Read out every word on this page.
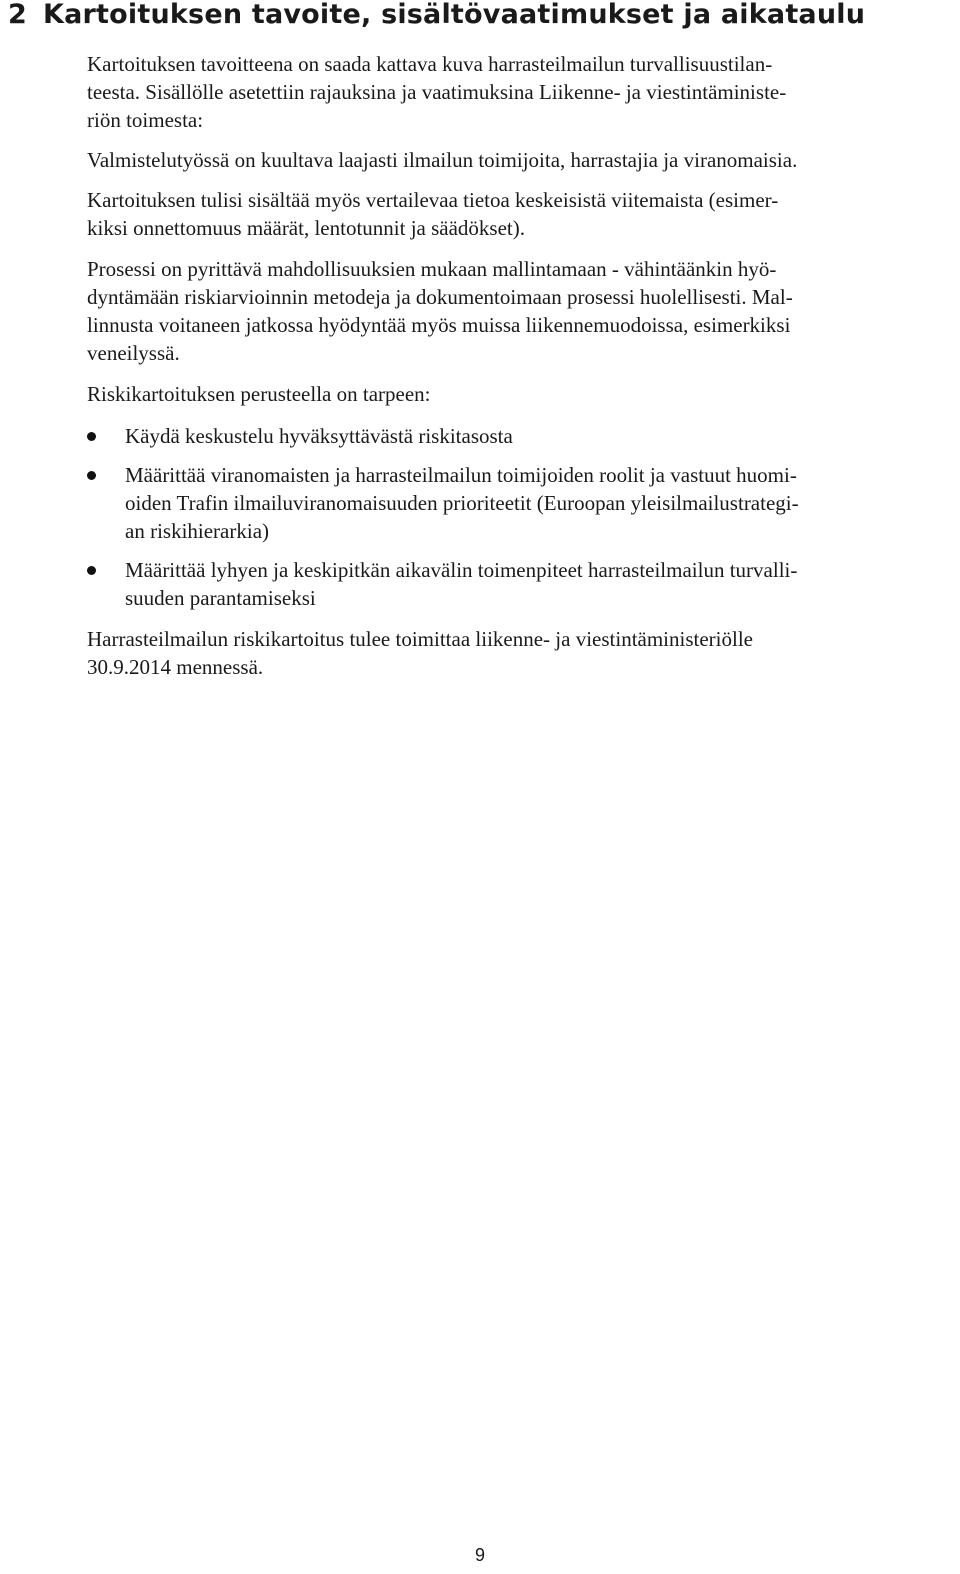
2 Kartoituksen tavoite, sisältövaatimukset ja aikataulu

Kartoituksen tavoitteena on saada kattava kuva harrasteilmailun turvallisuustilan-
teesta. Sisällölle asetettiin rajauksina ja vaatimuksina Liikenne- ja viestintäministe-
riön toimesta:

Valmistelutyössä on kuultava laajasti ilmailun toimijoita, harrastajia ja viranomaisia.

Kartoituksen tulisi sisältää myös vertailevaa tietoa keskeisistä viitemaista (esimer-
kiksi onnettomuus määrät, lentotunnit ja säädökset).

Prosessi on pyrittävä mahdollisuuksien mukaan mallintamaan - vähintäänkin hyö-
dyntämään riskiarvioinnin metodeja ja dokumentoimaan prosessi huolellisesti. Mal-
linnusta voitaneen jatkossa hyödyntää myös muissa liikennemuodoissa, esimerkiksi
veneilyssä.

Riskikartoituksen perusteella on tarpeen:

Käydä keskustelu hyväksyttävästä riskitasosta
Määrittää viranomaisten ja harrasteilmailun toimijoiden roolit ja vastuut huomi-
oiden Trafin ilmailuviranomaisuuden prioriteetit (Euroopan yleisilmailustrategi-
an riskihierarkia)
Määrittää lyhyen ja keskipitkän aikavälin toimenpiteet harrasteilmailun turvalli-
suuden parantamiseksi

Harrasteilmailun riskikartoitus tulee toimittaa liikenne- ja viestintäministeriölle
30.9.2014 mennessä.

9
